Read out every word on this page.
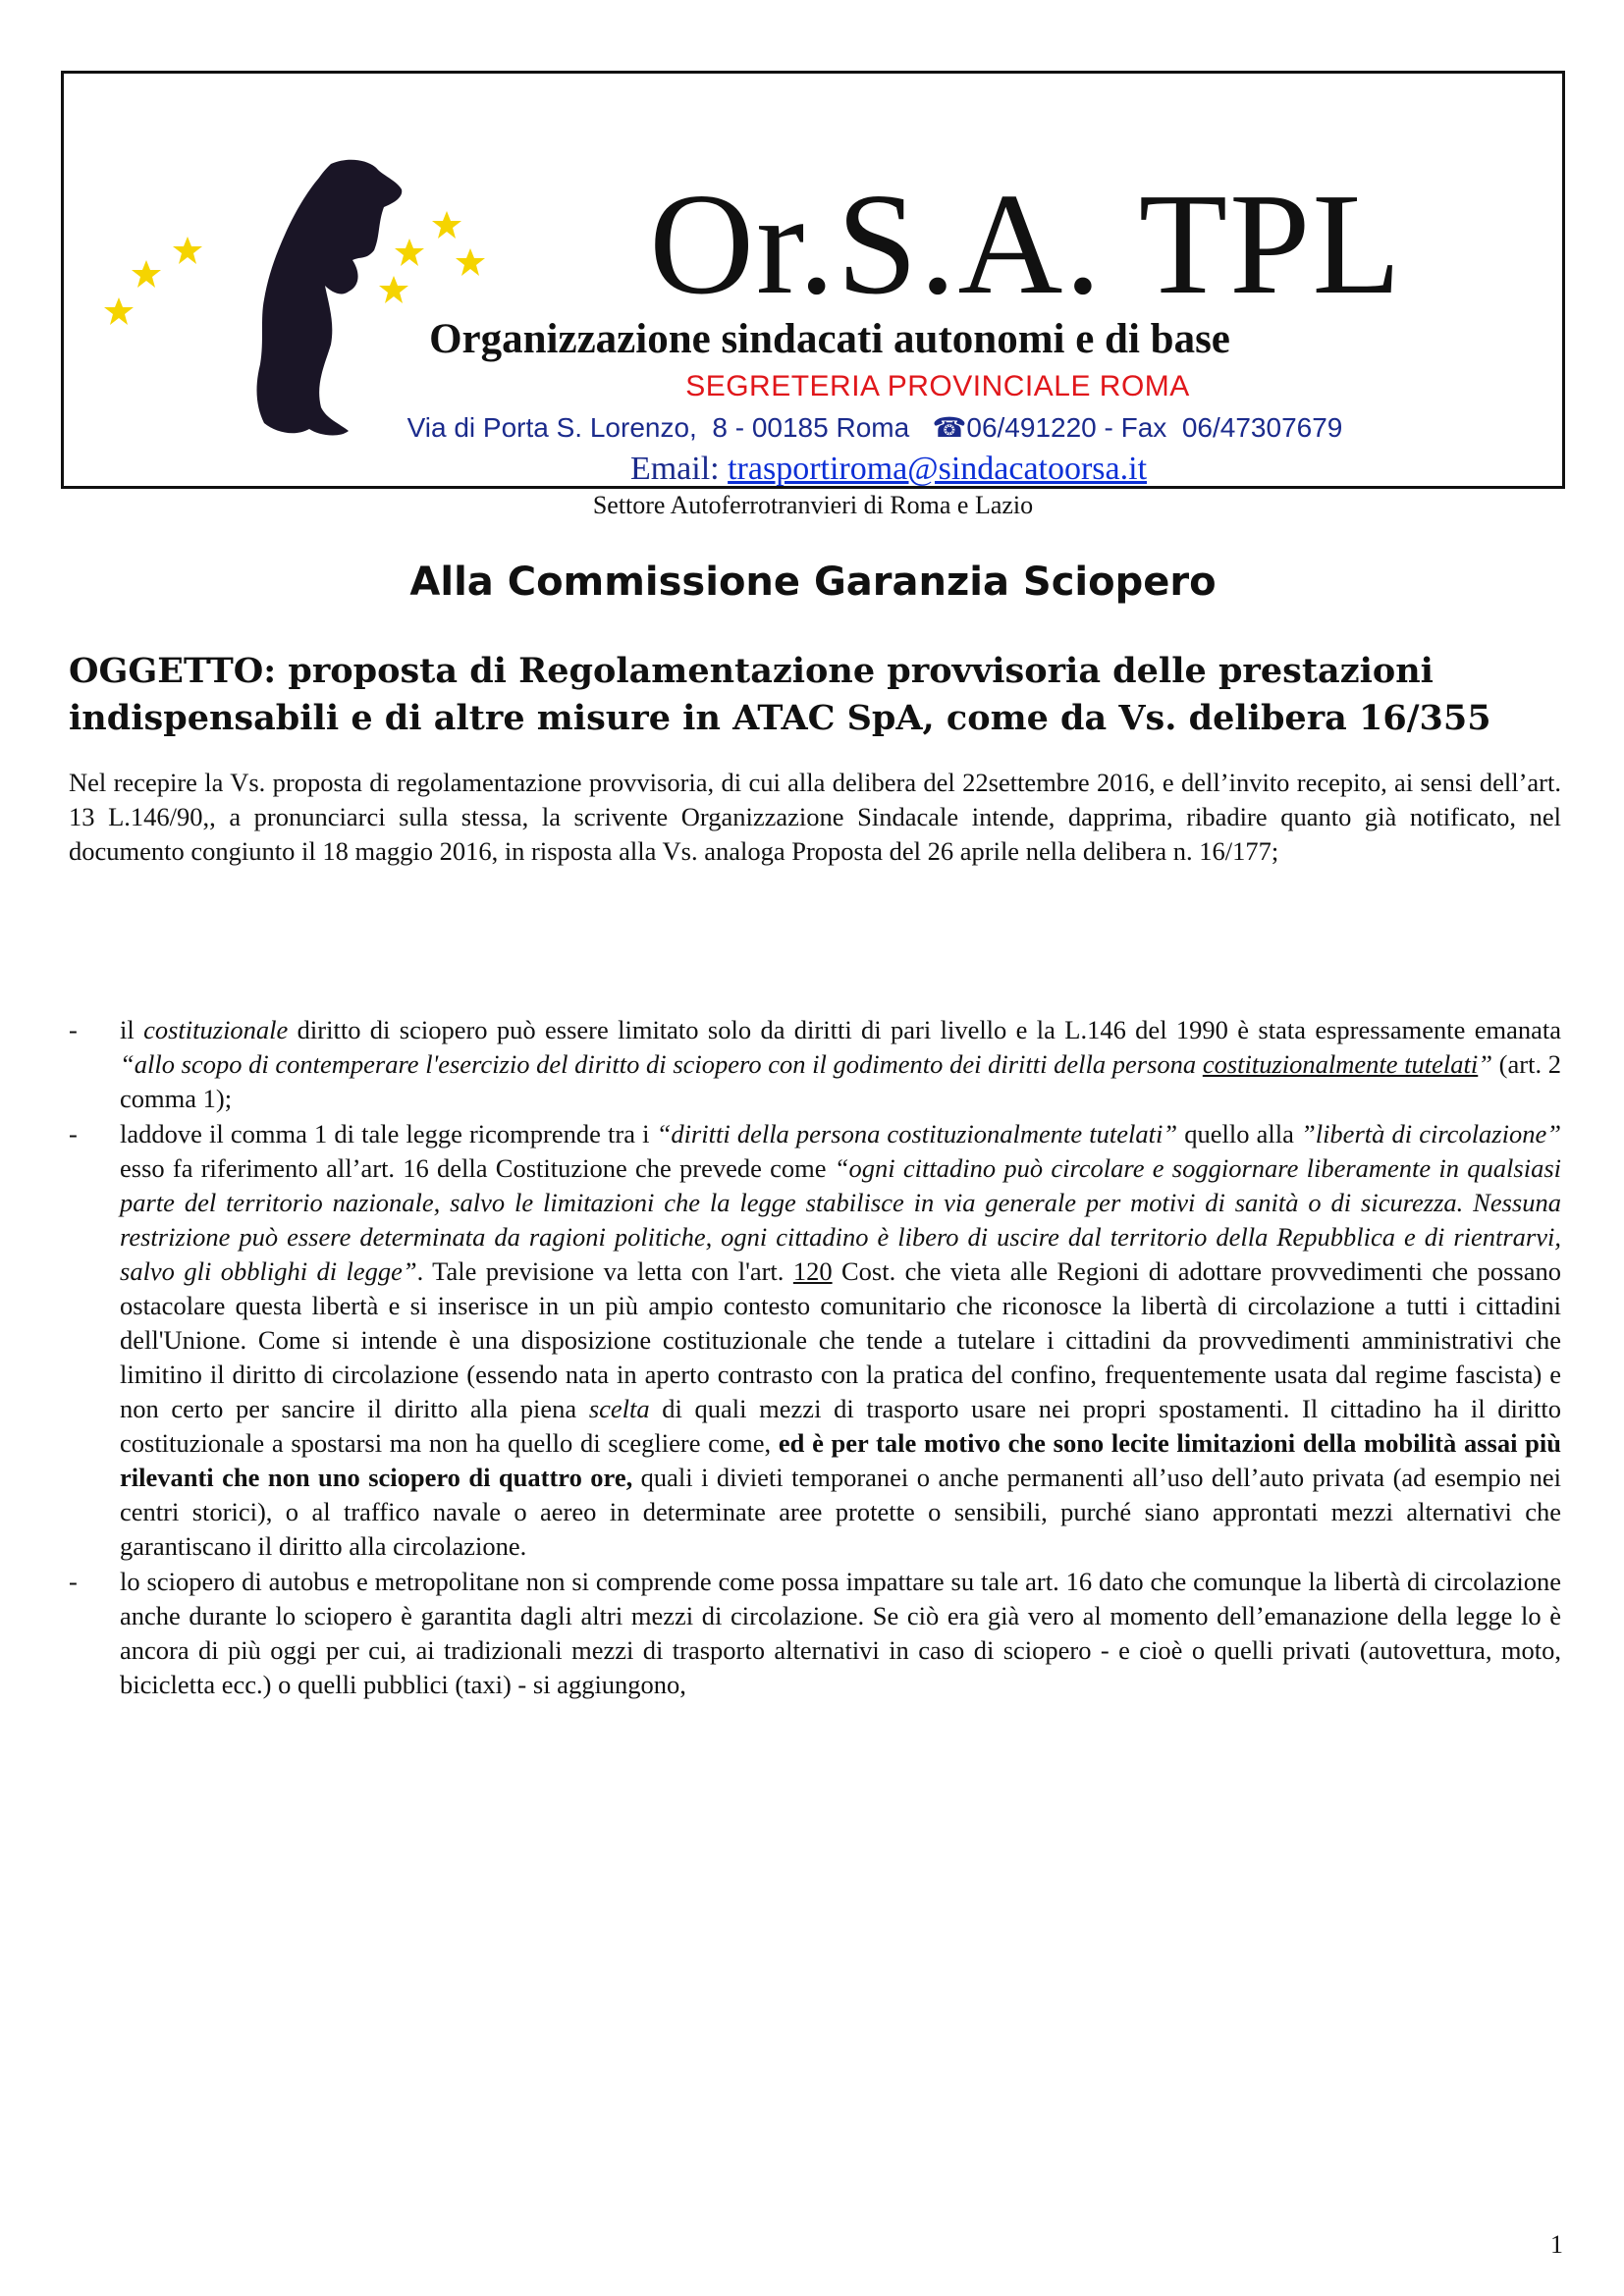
Or.S.A. TPL
Organizzazione sindacati autonomi e di base
SEGRETERIA PROVINCIALE ROMA
Via di Porta S. Lorenzo,  8 - 00185 Roma   ☎06/491220 - Fax  06/47307679
Email: trasportiroma@sindacatoorsa.it
Settore Autoferrotranvieri di Roma e Lazio
Alla Commissione Garanzia Sciopero
OGGETTO: proposta di Regolamentazione provvisoria delle prestazioni indispensabili e di altre misure in ATAC SpA, come da Vs. delibera 16/355
Nel recepire la Vs. proposta di regolamentazione provvisoria, di cui alla delibera del 22settembre 2016, e dell’invito recepito, ai sensi dell’art. 13 L.146/90,, a pronunciarci sulla stessa, la scrivente Organizzazione Sindacale intende, dapprima, ribadire quanto già notificato, nel documento congiunto il 18 maggio 2016, in risposta alla Vs. analoga Proposta del 26 aprile nella delibera n. 16/177;
- il costituzionale diritto di sciopero può essere limitato solo da diritti di pari livello e la L.146 del 1990 è stata espressamente emanata “allo scopo di contemperare l'esercizio del diritto di sciopero con il godimento dei diritti della persona costituzionalmente tutelati” (art. 2 comma 1);
- laddove il comma 1 di tale legge ricomprende tra i “diritti della persona costituzionalmente tutelati” quello alla ”libertà di circolazione” esso fa riferimento all’art. 16 della Costituzione che prevede come “ogni cittadino può circolare e soggiornare liberamente in qualsiasi parte del territorio nazionale, salvo le limitazioni che la legge stabilisce in via generale per motivi di sanità o di sicurezza. Nessuna restrizione può essere determinata da ragioni politiche, ogni cittadino è libero di uscire dal territorio della Repubblica e di rientrarvi, salvo gli obblighi di legge”. Tale previsione va letta con l'art. 120 Cost. che vieta alle Regioni di adottare provvedimenti che possano ostacolare questa libertà e si inserisce in un più ampio contesto comunitario che riconosce la libertà di circolazione a tutti i cittadini dell'Unione. Come si intende è una disposizione costituzionale che tende a tutelare i cittadini da provvedimenti amministrativi che limitino il diritto di circolazione (essendo nata in aperto contrasto con la pratica del confino, frequentemente usata dal regime fascista) e non certo per sancire il diritto alla piena scelta di quali mezzi di trasporto usare nei propri spostamenti. Il cittadino ha il diritto costituzionale a spostarsi ma non ha quello di scegliere come, ed è per tale motivo che sono lecite limitazioni della mobilità assai più rilevanti che non uno sciopero di quattro ore, quali i divieti temporanei o anche permanenti all’uso dell’auto privata (ad esempio nei centri storici), o al traffico navale o aereo in determinate aree protette o sensibili, purché siano approntati mezzi alternativi che garantiscano il diritto alla circolazione.
- lo sciopero di autobus e metropolitane non si comprende come possa impattare su tale art. 16 dato che comunque la libertà di circolazione anche durante lo sciopero è garantita dagli altri mezzi di circolazione. Se ciò era già vero al momento dell’emanazione della legge lo è ancora di più oggi per cui, ai tradizionali mezzi di trasporto alternativi in caso di sciopero - e cioè o quelli privati (autovettura, moto, bicicletta ecc.) o quelli pubblici (taxi) - si aggiungono,
1
